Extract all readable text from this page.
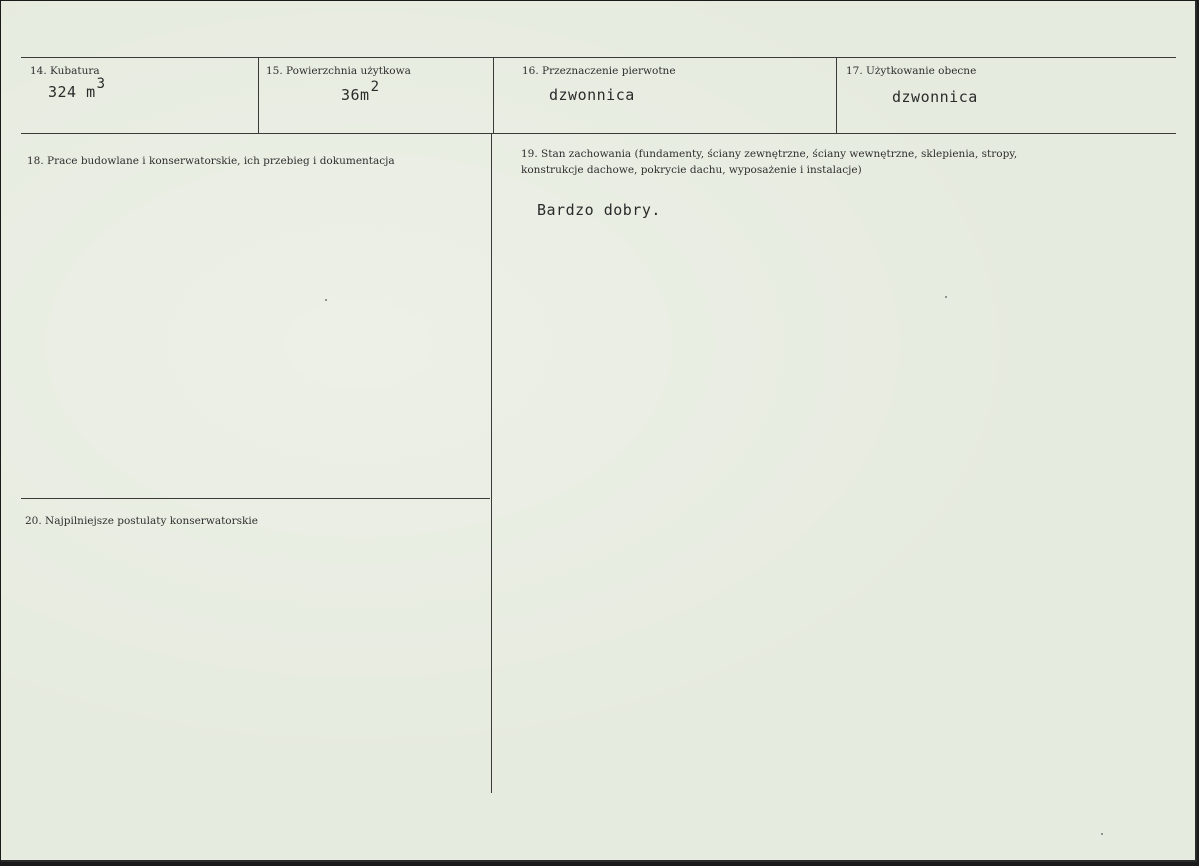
14. Kubatura
324 m3
15. Powierzchnia użytkowa
36m2
16. Przeznaczenie pierwotne
dzwonnica
17. Użytkowanie obecne
dzwonnica
18. Prace budowlane i konserwatorskie, ich przebieg i dokumentacja
19. Stan zachowania (fundamenty, ściany zewnętrzne, ściany wewnętrzne, sklepienia, stropy, konstrukcje dachowe, pokrycie dachu, wyposażenie i instalacje)
Bardzo dobry.
20. Najpilniejsze postulaty konserwatorskie
